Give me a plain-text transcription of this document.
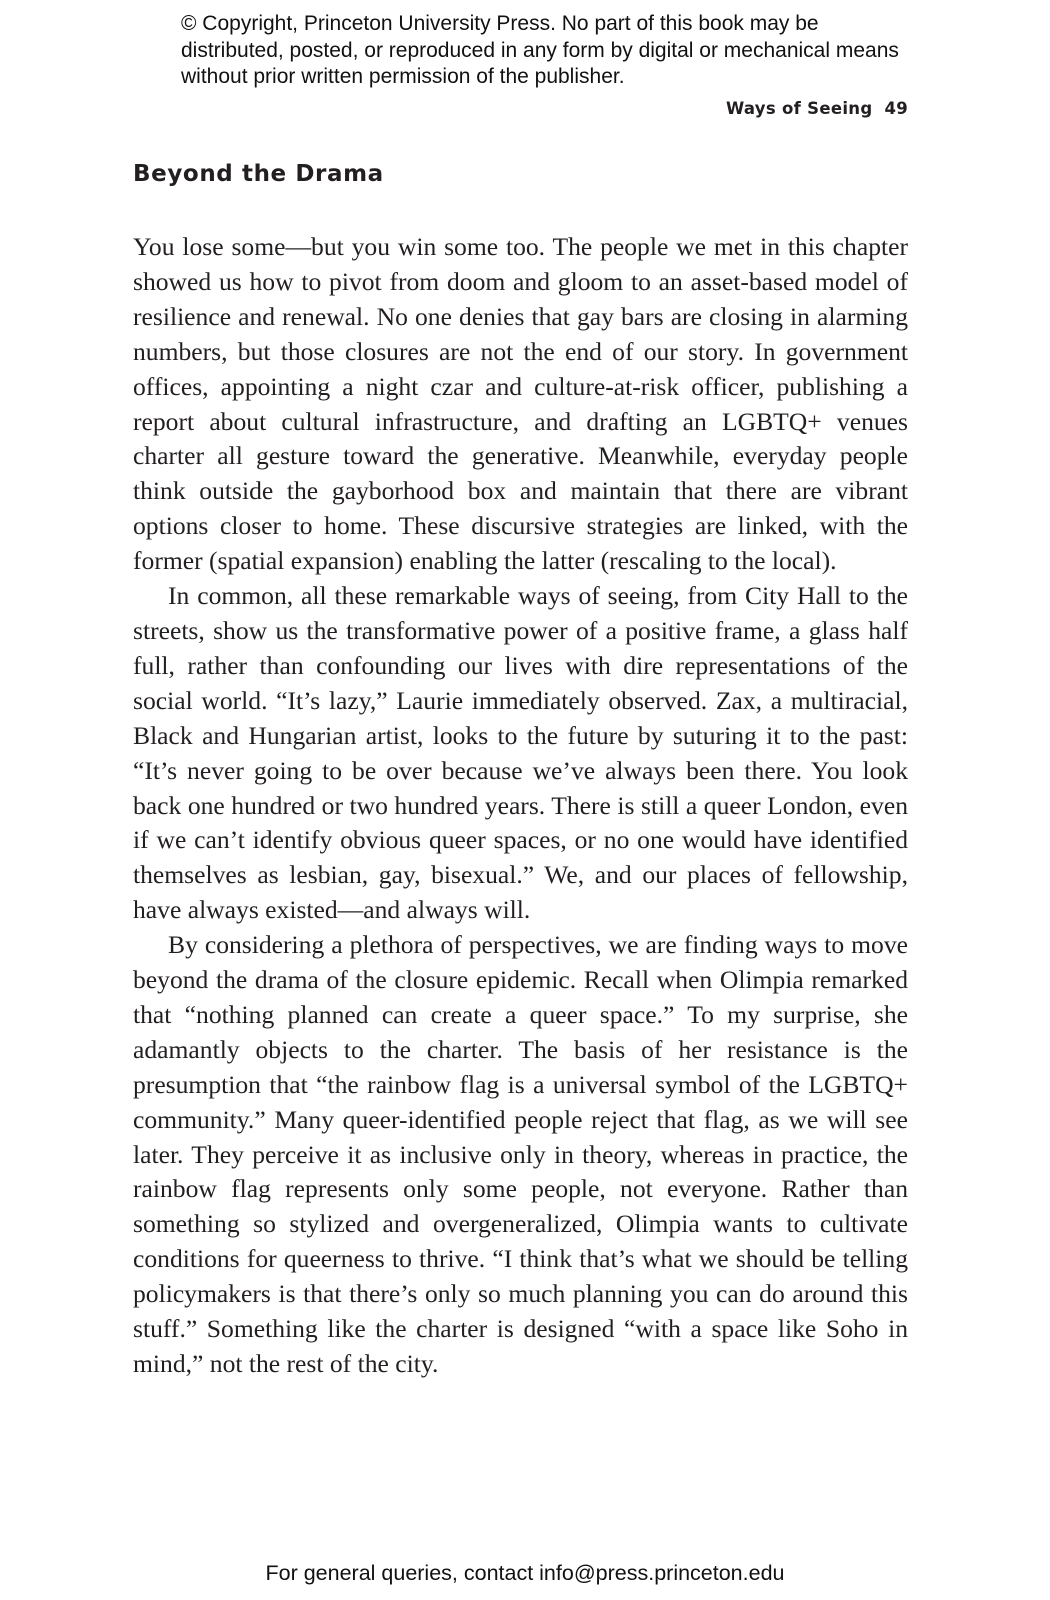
© Copyright, Princeton University Press. No part of this book may be distributed, posted, or reproduced in any form by digital or mechanical means without prior written permission of the publisher.
Ways of Seeing 49
Beyond the Drama

You lose some—but you win some too. The people we met in this chapter showed us how to pivot from doom and gloom to an asset-based model of resilience and renewal. No one denies that gay bars are closing in alarming numbers, but those closures are not the end of our story. In government offices, appointing a night czar and culture-at-risk officer, publishing a report about cultural infrastructure, and drafting an LGBTQ+ venues charter all gesture toward the generative. Meanwhile, everyday people think outside the gayborhood box and maintain that there are vibrant options closer to home. These discursive strategies are linked, with the former (spatial expansion) enabling the latter (rescaling to the local).

In common, all these remarkable ways of seeing, from City Hall to the streets, show us the transformative power of a positive frame, a glass half full, rather than confounding our lives with dire representations of the social world. “It’s lazy,” Laurie immediately observed. Zax, a multiracial, Black and Hungarian artist, looks to the future by suturing it to the past: “It’s never going to be over because we’ve always been there. You look back one hundred or two hundred years. There is still a queer London, even if we can’t identify obvious queer spaces, or no one would have identified themselves as lesbian, gay, bisexual.” We, and our places of fellowship, have always existed—and always will.

By considering a plethora of perspectives, we are finding ways to move beyond the drama of the closure epidemic. Recall when Olimpia remarked that “nothing planned can create a queer space.” To my surprise, she adamantly objects to the charter. The basis of her resistance is the presumption that “the rainbow flag is a universal symbol of the LGBTQ+ community.” Many queer-identified people reject that flag, as we will see later. They perceive it as inclusive only in theory, whereas in practice, the rainbow flag represents only some people, not everyone. Rather than something so stylized and overgeneralized, Olimpia wants to cultivate conditions for queerness to thrive. “I think that’s what we should be telling policymakers is that there’s only so much planning you can do around this stuff.” Something like the charter is designed “with a space like Soho in mind,” not the rest of the city.

For general queries, contact info@press.princeton.edu
